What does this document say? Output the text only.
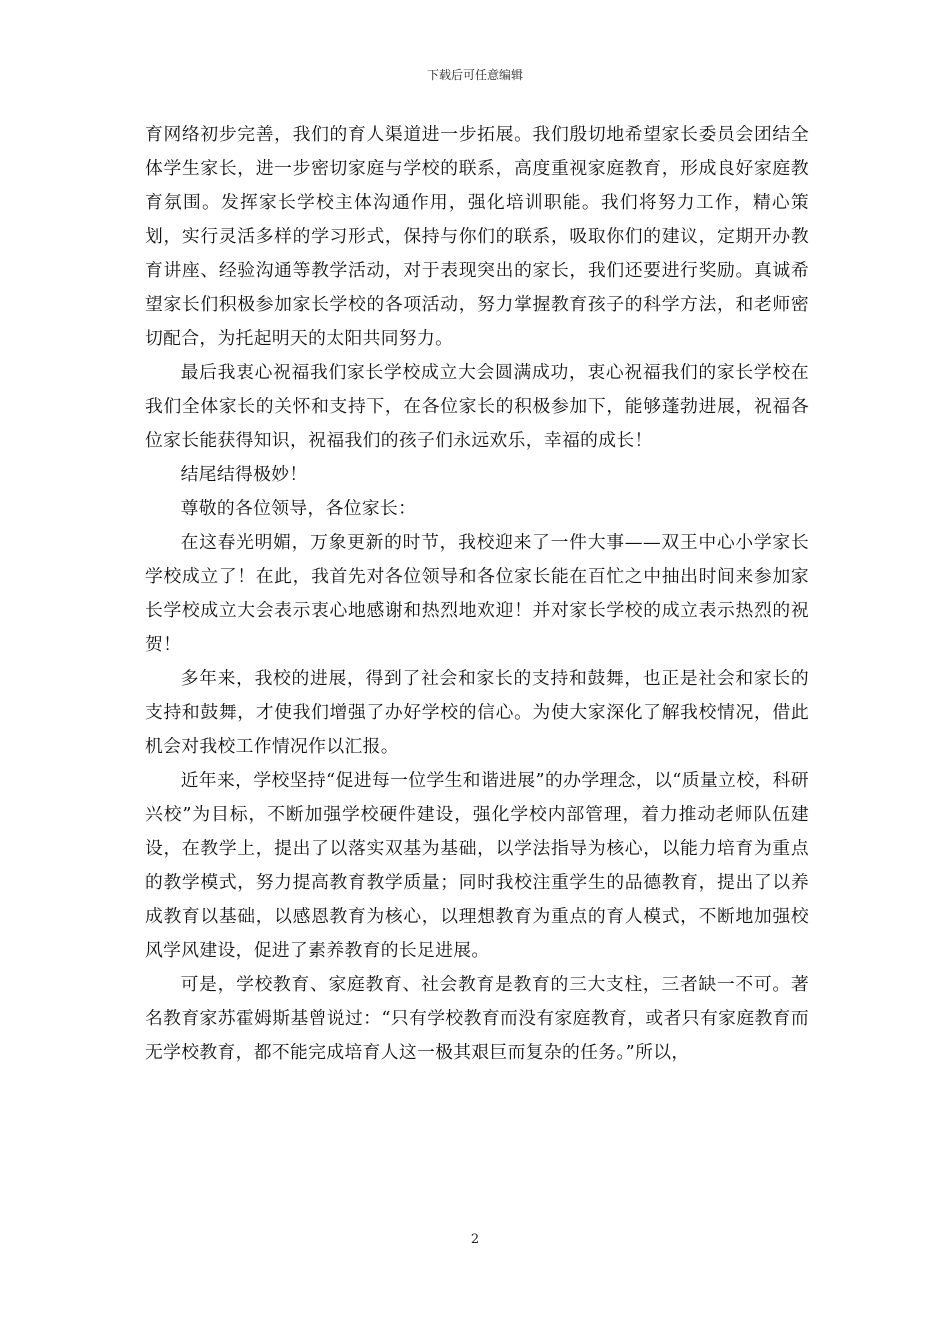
下载后可任意编辑

育网络初步完善，我们的育人渠道进一步拓展。我们殷切地希望家长委员会团结全体学生家长，进一步密切家庭与学校的联系，高度重视家庭教育，形成良好家庭教育氛围。发挥家长学校主体沟通作用，强化培训职能。我们将努力工作，精心策划，实行灵活多样的学习形式，保持与你们的联系，吸取你们的建议，定期开办教育讲座、经验沟通等教学活动，对于表现突出的家长，我们还要进行奖励。真诚希望家长们积极参加家长学校的各项活动，努力掌握教育孩子的科学方法，和老师密切配合，为托起明天的太阳共同努力。

最后我衷心祝福我们家长学校成立大会圆满成功，衷心祝福我们的家长学校在我们全体家长的关怀和支持下，在各位家长的积极参加下，能够蓬勃进展，祝福各位家长能获得知识，祝福我们的孩子们永远欢乐，幸福的成长！

结尾结得极妙！

尊敬的各位领导，各位家长：

在这春光明媚，万象更新的时节，我校迎来了一件大事——双王中心小学家长学校成立了！在此，我首先对各位领导和各位家长能在百忙之中抽出时间来参加家长学校成立大会表示衷心地感谢和热烈地欢迎！并对家长学校的成立表示热烈的祝贺！

多年来，我校的进展，得到了社会和家长的支持和鼓舞，也正是社会和家长的支持和鼓舞，才使我们增强了办好学校的信心。为使大家深化了解我校情况，借此机会对我校工作情况作以汇报。

近年来，学校坚持“促进每一位学生和谐进展”的办学理念，以“质量立校，科研兴校”为目标，不断加强学校硬件建设，强化学校内部管理，着力推动老师队伍建设，在教学上，提出了以落实双基为基础，以学法指导为核心，以能力培育为重点的教学模式，努力提高教育教学质量；同时我校注重学生的品德教育，提出了以养成教育以基础，以感恩教育为核心，以理想教育为重点的育人模式，不断地加强校风学风建设，促进了素养教育的长足进展。

可是，学校教育、家庭教育、社会教育是教育的三大支柱，三者缺一不可。著名教育家苏霍姆斯基曾说过：“只有学校教育而没有家庭教育，或者只有家庭教育而无学校教育，都不能完成培育人这一极其艰巨而复杂的任务。”所以，

2
